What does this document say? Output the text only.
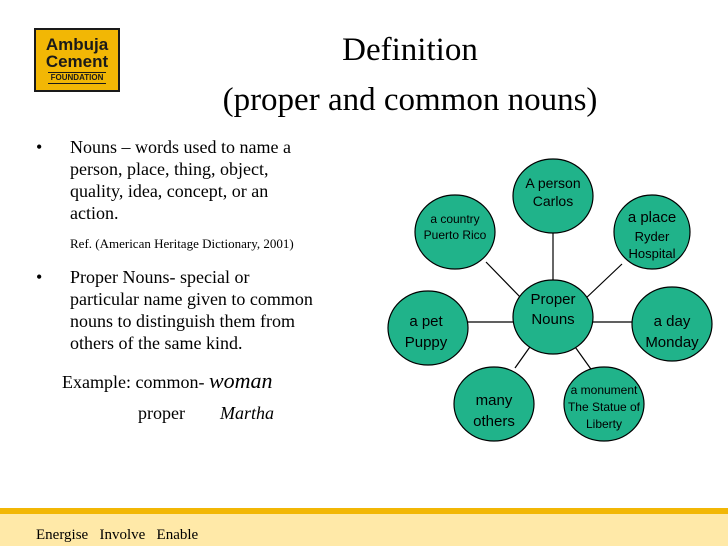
Ambuja
Cement
FOUNDATION
Definition
(proper and common nouns)
• Nouns – words used to name a
person, place, thing, object,
quality, idea, concept, or an
action.
Ref. (American Heritage Dictionary, 2001)
• Proper Nouns- special or
particular name given to common
nouns to distinguish them from
others of the same kind.
Example: common- woman
proper Martha
A person
Carlos
a place
Ryder
Hospital
a day
Monday
a monument
The Statue of
Liberty
many
others
a pet
Puppy
a country
Puerto Rico
Proper
Nouns
Energise   Involve   Enable
